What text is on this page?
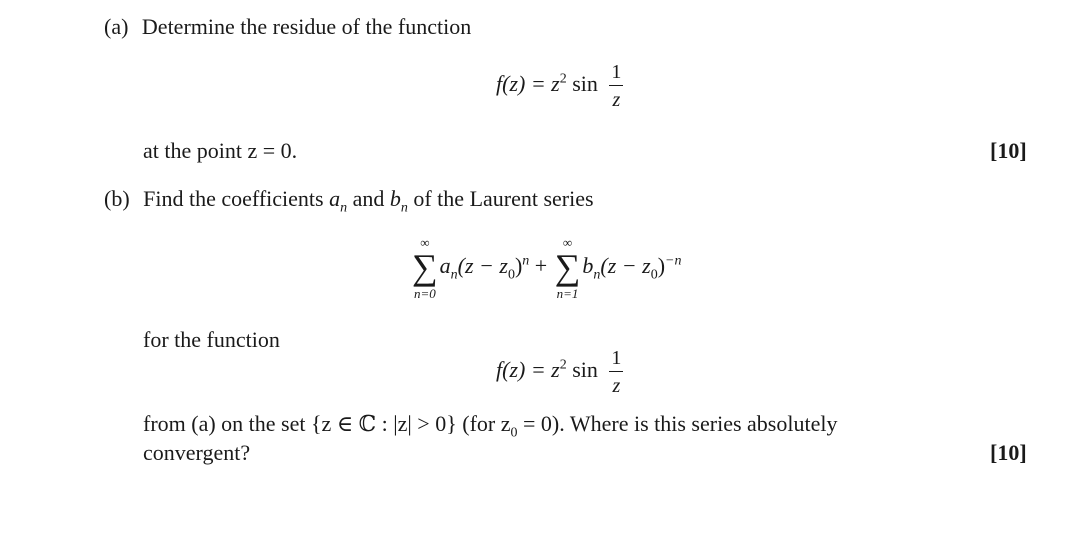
(a) Determine the residue of the function
$f(z) = z^2$ $\sin \frac{1}{z}$
at the point z = 0.	[10]
(b) Find the coefficients $a_n$ and $b_n$ of the Laurent series
∞
∑
n=0
$a_n(z - z_0)^n$ +
∞
∑
n=1
$b_n(z - z_0)^{-n}$
for the function
$f(z) = z^2$ $\sin \frac{1}{z}$
from (a) on the set {z ∈ ℂ : |z| > 0} (for $z_0 = 0$). Where is this series absolutely
convergent?	[10]
